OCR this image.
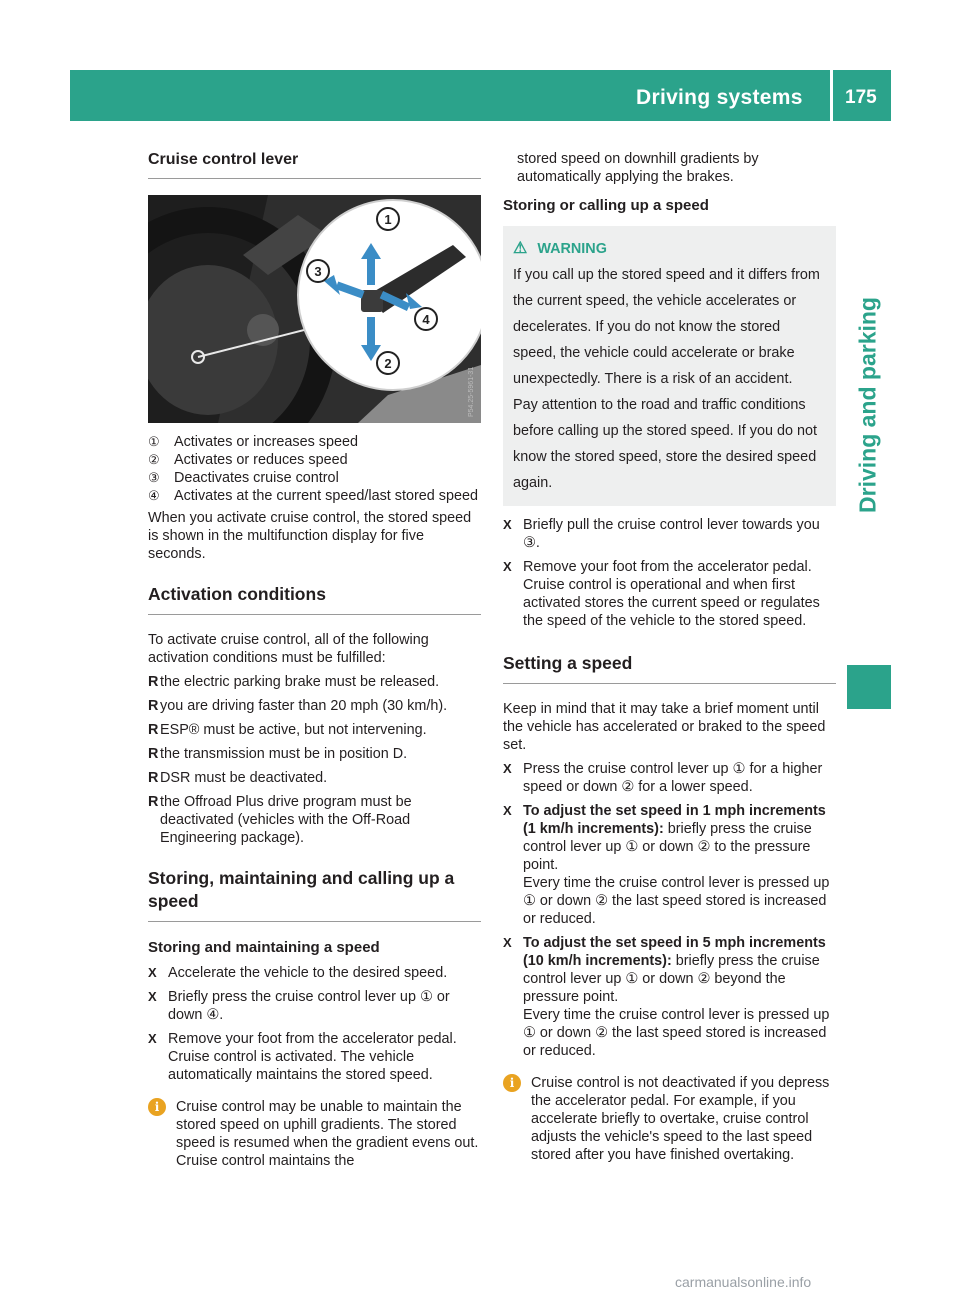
Driving systems 175
Driving and parking
Cruise control lever
1
2
3
4
P54.25-5961-31
① Activates or increases speed
② Activates or reduces speed
③ Deactivates cruise control
④ Activates at the current speed/last stored speed

When you activate cruise control, the stored speed is shown in the multifunction display for five seconds.

Activation conditions

To activate cruise control, all of the following activation conditions must be fulfilled:

R the electric parking brake must be released.
R you are driving faster than 20 mph (30 km/h).
R ESP® must be active, but not intervening.
R the transmission must be in position D.
R DSR must be deactivated.
R the Offroad Plus drive program must be deactivated (vehicles with the Off-Road Engineering package).
Storing, maintaining and calling up a speed
Storing and maintaining a speed
X Accelerate the vehicle to the desired speed.
X Briefly press the cruise control lever up ① or down ④.
X Remove your foot from the accelerator pedal. Cruise control is activated. The vehicle automatically maintains the stored speed.
i	Cruise control may be unable to maintain the stored speed on uphill gradients. The stored speed is resumed when the gradient evens out. Cruise control maintains the

stored speed on downhill gradients by automatically applying the brakes.

Storing or calling up a speed
⚠ WARNING

If you call up the stored speed and it differs from the current speed, the vehicle accelerates or decelerates. If you do not know the stored speed, the vehicle could accelerate or brake unexpectedly. There is a risk of an accident.

Pay attention to the road and traffic conditions before calling up the stored speed. If you do not know the stored speed, store the desired speed again.

X Briefly pull the cruise control lever towards you ③.
X Remove your foot from the accelerator pedal. Cruise control is operational and when first activated stores the current speed or regulates the speed of the vehicle to the stored speed.
Setting a speed

Keep in mind that it may take a brief moment until the vehicle has accelerated or braked to the speed set.

X Press the cruise control lever up ① for a higher speed or down ② for a lower speed.
X To adjust the set speed in 1 mph increments (1 km/h increments): briefly press the cruise control lever up ① or down ② to the pressure point.
Every time the cruise control lever is pressed up ① or down ② the last speed stored is increased or reduced.
X To adjust the set speed in 5 mph increments (10 km/h increments): briefly press the cruise control lever up ① or down ② beyond the pressure point.
Every time the cruise control lever is pressed up ① or down ② the last speed stored is increased or reduced.
i	Cruise control is not deactivated if you depress the accelerator pedal. For example, if you accelerate briefly to overtake, cruise control adjusts the vehicle's speed to the last speed stored after you have finished overtaking.
carmanualsonline.info
